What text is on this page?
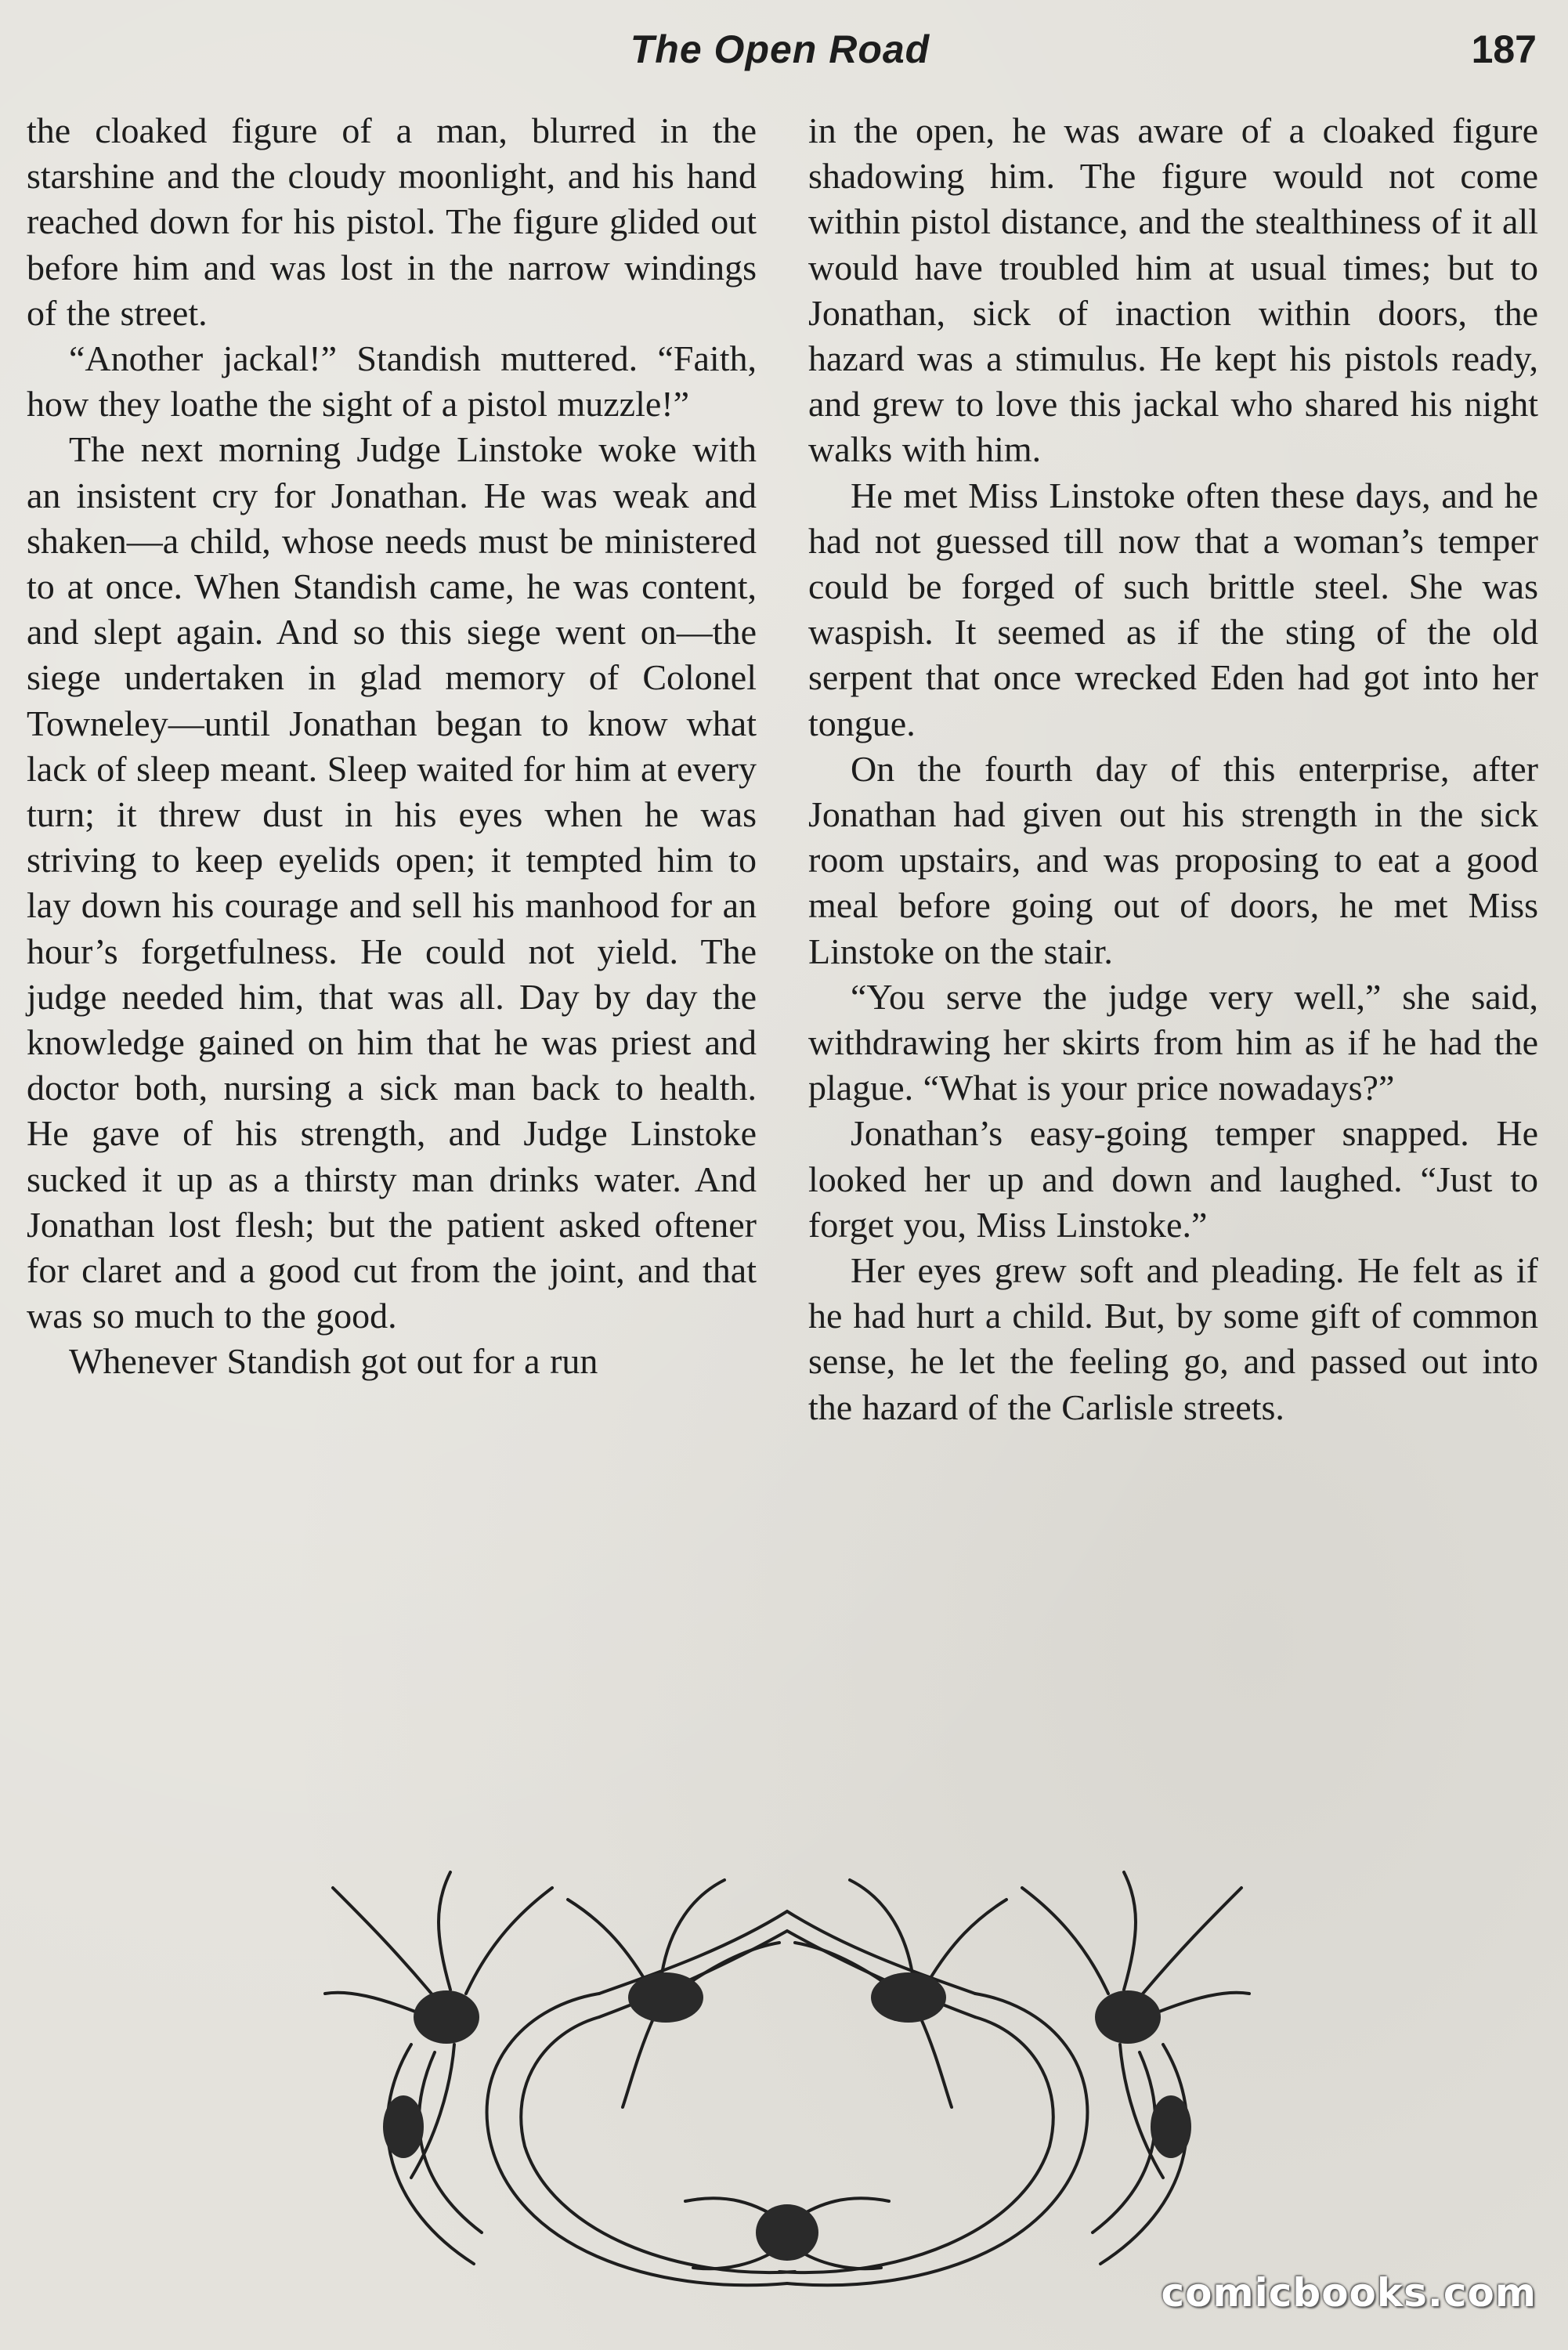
The Open Road	187

the cloaked figure of a man, blurred in the starshine and the cloudy moonlight, and his hand reached down for his pistol. The figure glided out before him and was lost in the narrow windings of the street.

“Another jackal!” Standish muttered. “Faith, how they loathe the sight of a pistol muzzle!”

The next morning Judge Linstoke woke with an insistent cry for Jonathan. He was weak and shaken—a child, whose needs must be ministered to at once. When Standish came, he was content, and slept again. And so this siege went on—the siege undertaken in glad memory of Colonel Towneley—until Jonathan began to know what lack of sleep meant. Sleep waited for him at every turn; it threw dust in his eyes when he was striving to keep eyelids open; it tempted him to lay down his courage and sell his manhood for an hour’s forgetfulness. He could not yield. The judge needed him, that was all. Day by day the knowledge gained on him that he was priest and doctor both, nursing a sick man back to health. He gave of his strength, and Judge Linstoke sucked it up as a thirsty man drinks water. And Jonathan lost flesh; but the patient asked oftener for claret and a good cut from the joint, and that was so much to the good.

Whenever Standish got out for a run

in the open, he was aware of a cloaked figure shadowing him. The figure would not come within pistol distance, and the stealthiness of it all would have troubled him at usual times; but to Jonathan, sick of inaction within doors, the hazard was a stimulus. He kept his pistols ready, and grew to love this jackal who shared his night walks with him.

He met Miss Linstoke often these days, and he had not guessed till now that a woman’s temper could be forged of such brittle steel. She was waspish. It seemed as if the sting of the old serpent that once wrecked Eden had got into her tongue.

On the fourth day of this enterprise, after Jonathan had given out his strength in the sick room upstairs, and was proposing to eat a good meal before going out of doors, he met Miss Linstoke on the stair.

“You serve the judge very well,” she said, withdrawing her skirts from him as if he had the plague. “What is your price nowadays?”

Jonathan’s easy-going temper snapped. He looked her up and down and laughed. “Just to forget you, Miss Linstoke.”

Her eyes grew soft and pleading. He felt as if he had hurt a child. But, by some gift of common sense, he let the feeling go, and passed out into the hazard of the Carlisle streets.

comicbooks.com
